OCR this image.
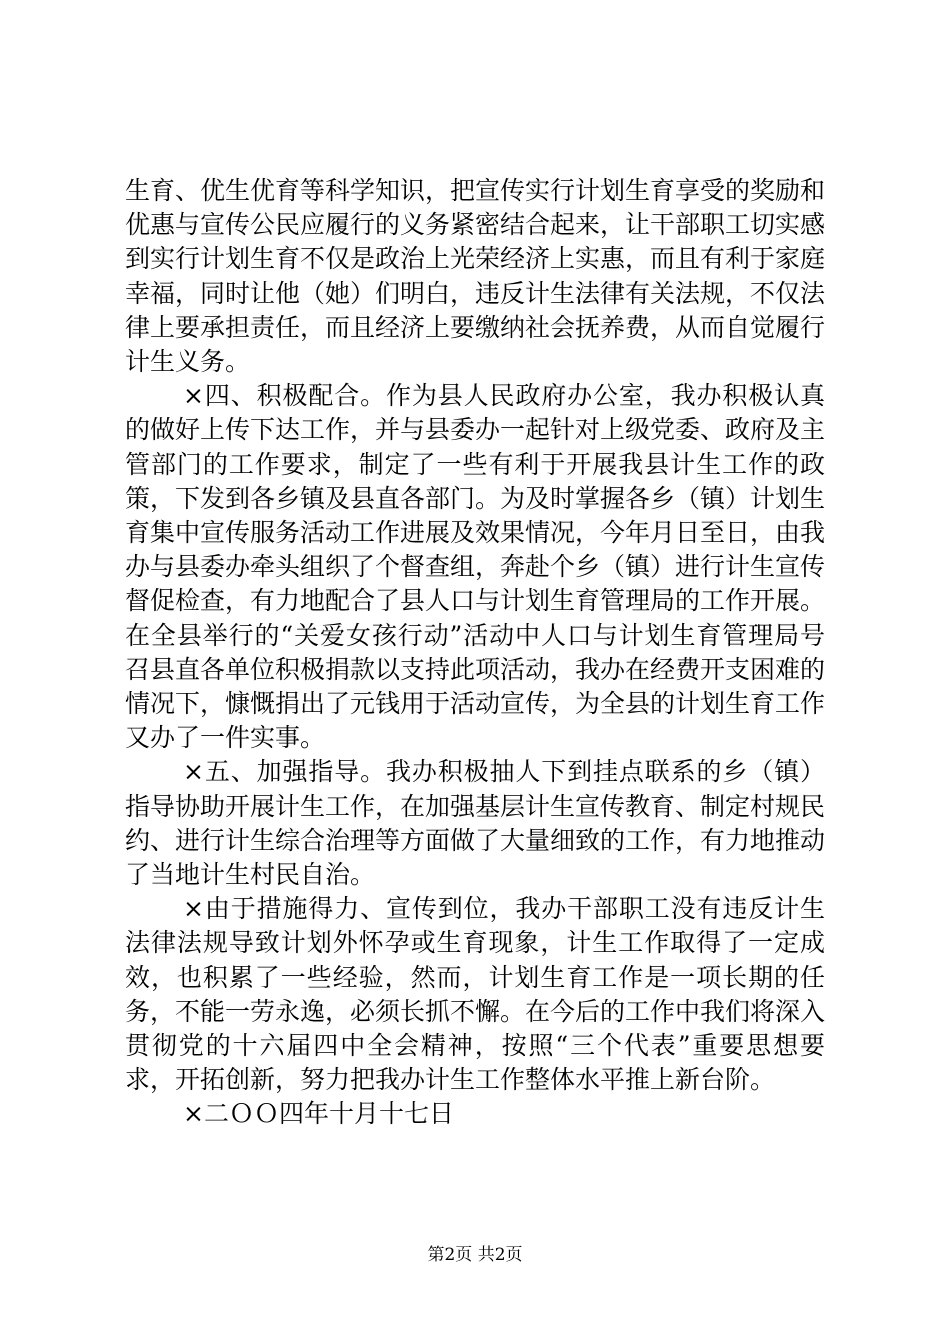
生育、优生优育等科学知识，把宣传实行计划生育享受的奖励和优惠与宣传公民应履行的义务紧密结合起来，让干部职工切实感到实行计划生育不仅是政治上光荣经济上实惠，而且有利于家庭幸福，同时让他（她）们明白，违反计生法律有关法规，不仅法律上要承担责任，而且经济上要缴纳社会抚养费，从而自觉履行计生义务。

×四、积极配合。作为县人民政府办公室，我办积极认真的做好上传下达工作，并与县委办一起针对上级党委、政府及主管部门的工作要求，制定了一些有利于开展我县计生工作的政策，下发到各乡镇及县直各部门。为及时掌握各乡（镇）计划生育集中宣传服务活动工作进展及效果情况，今年月日至日，由我办与县委办牵头组织了个督查组，奔赴个乡（镇）进行计生宣传督促检查，有力地配合了县人口与计划生育管理局的工作开展。在全县举行的“关爱女孩行动”活动中人口与计划生育管理局号召县直各单位积极捐款以支持此项活动，我办在经费开支困难的情况下，慷慨捐出了元钱用于活动宣传，为全县的计划生育工作又办了一件实事。

×五、加强指导。我办积极抽人下到挂点联系的乡（镇）指导协助开展计生工作，在加强基层计生宣传教育、制定村规民约、进行计生综合治理等方面做了大量细致的工作，有力地推动了当地计生村民自治。

×由于措施得力、宣传到位，我办干部职工没有违反计生法律法规导致计划外怀孕或生育现象，计生工作取得了一定成效，也积累了一些经验，然而，计划生育工作是一项长期的任务，不能一劳永逸，必须长抓不懈。在今后的工作中我们将深入贯彻党的十六届四中全会精神，按照“三个代表”重要思想要求，开拓创新，努力把我办计生工作整体水平推上新台阶。

×二ＯＯ四年十月十七日

第2页 共2页
